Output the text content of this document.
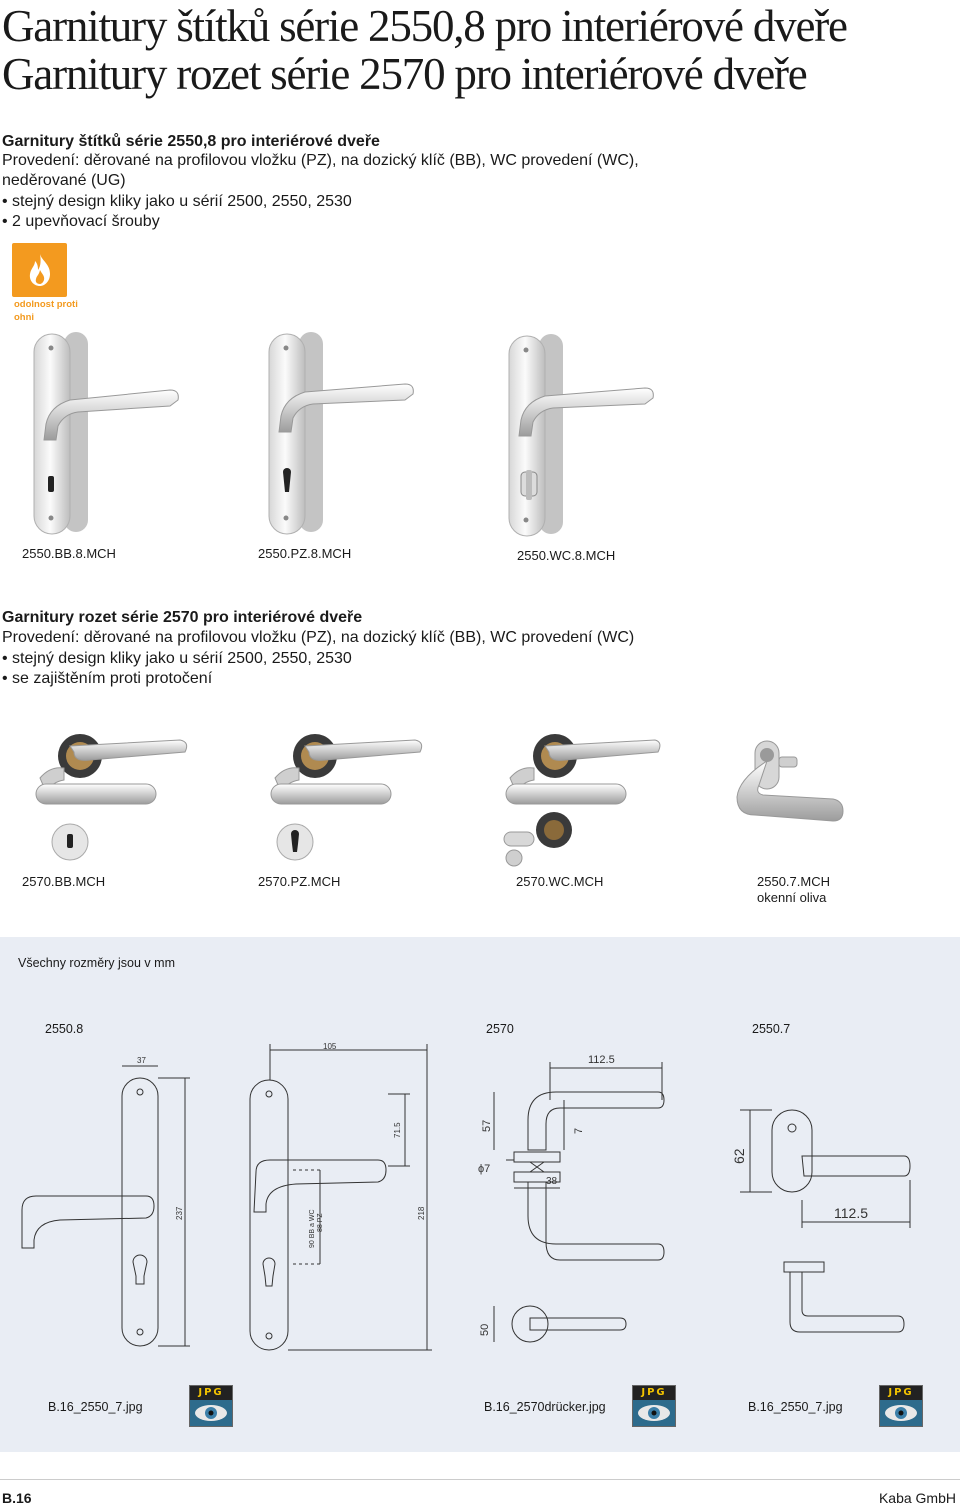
Garnitury štítků série 2550,8 pro interiérové dveře
Garnitury rozet série 2570 pro interiérové dveře
Garnitury štítků série 2550,8 pro interiérové dveře
Provedení: děrované na profilovou vložku (PZ), na dozický klíč (BB), WC provedení (WC),
neděrované (UG)
• stejný design kliky jako u sérií 2500, 2550, 2530
• 2 upevňovací šrouby
odolnost proti
ohni
2550.BB.8.MCH	2550.PZ.8.MCH	2550.WC.8.MCH
Garnitury rozet série 2570 pro interiérové dveře
Provedení: děrované na profilovou vložku (PZ), na dozický klíč (BB), WC provedení (WC)
• stejný design kliky jako u sérií 2500, 2550, 2530
• se zajištěním proti protočení
2570.BB.MCH	2570.PZ.MCH	2570.WC.MCH	2550.7.MCH
okenní oliva
Všechny rozměry jsou v mm
2550.8	2570	2550.7
37
105
71.5
237	218
90 BB a WC 88 PZ
112.5
57	7
ϕ7
38
50
62
112.5
B.16_2550_7.jpg	B.16_2570drücker.jpg	B.16_2550_7.jpg
JPG	JPG	JPG
B.16	Kaba GmbH
